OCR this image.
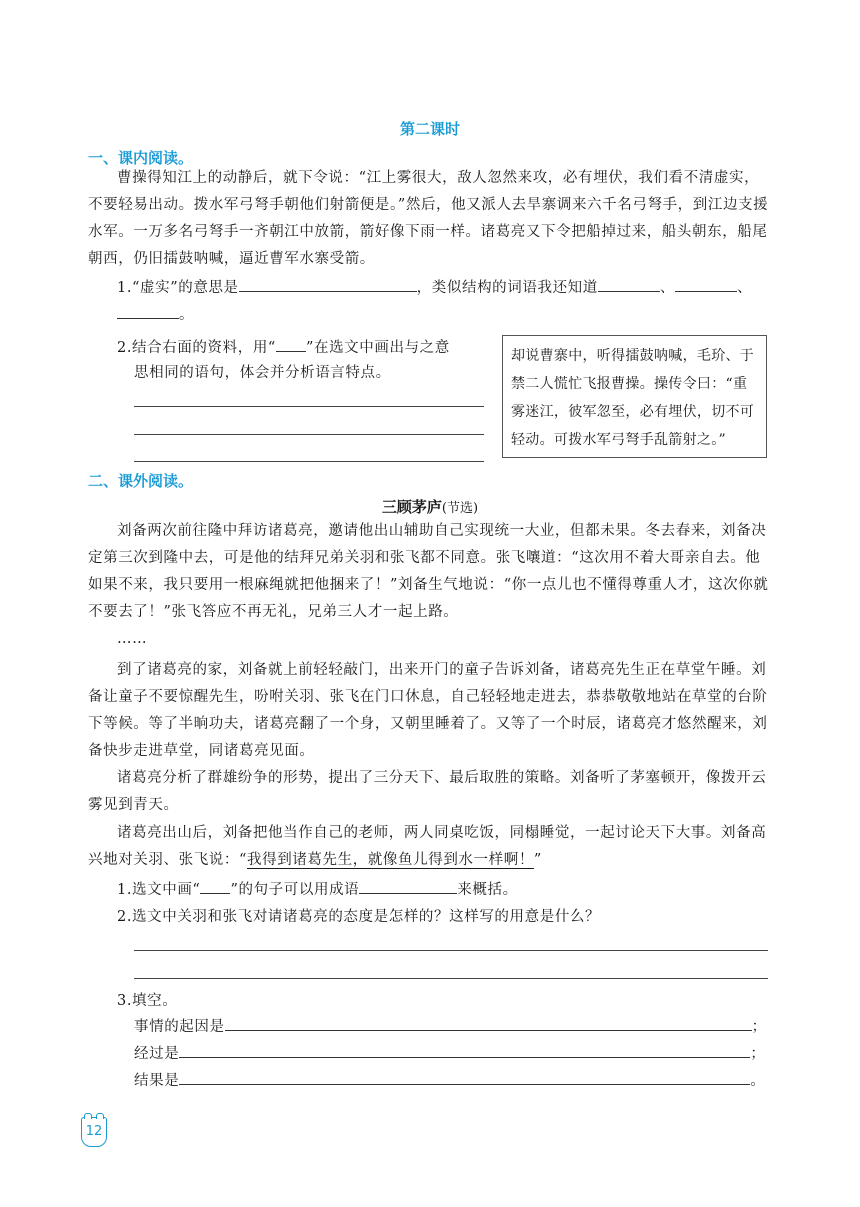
第二课时
一、课内阅读。

曹操得知江上的动静后，就下令说：“江上雾很大，敌人忽然来攻，必有埋伏，我们看不清虚实，不要轻易出动。拨水军弓弩手朝他们射箭便是。”然后，他又派人去旱寨调来六千名弓弩手，到江边支援水军。一万多名弓弩手一齐朝江中放箭，箭好像下雨一样。诸葛亮又下令把船掉过来，船头朝东，船尾朝西，仍旧擂鼓呐喊，逼近曹军水寨受箭。

1.“虚实”的意思是	，类似结构的词语我还知道	、	、
。
2.结合右面的资料，用“ ”在选文中画出与之意
思相同的语句，体会并分析语言特点。

却说曹寨中，听得擂鼓呐喊，毛玠、于禁二人慌忙飞报曹操。操传令曰：“重雾迷江，彼军忽至，必有埋伏，切不可轻动。可拨水军弓弩手乱箭射之。”

二、课外阅读。
三顾茅庐(节选)

刘备两次前往隆中拜访诸葛亮，邀请他出山辅助自己实现统一大业，但都未果。冬去春来，刘备决定第三次到隆中去，可是他的结拜兄弟关羽和张飞都不同意。张飞嚷道：“这次用不着大哥亲自去。他如果不来，我只要用一根麻绳就把他捆来了！”刘备生气地说：“你一点儿也不懂得尊重人才，这次你就不要去了！”张飞答应不再无礼，兄弟三人才一起上路。

……

到了诸葛亮的家，刘备就上前轻轻敲门，出来开门的童子告诉刘备，诸葛亮先生正在草堂午睡。刘备让童子不要惊醒先生，吩咐关羽、张飞在门口休息，自己轻轻地走进去，恭恭敬敬地站在草堂的台阶下等候。等了半晌功夫，诸葛亮翻了一个身，又朝里睡着了。又等了一个时辰，诸葛亮才悠然醒来，刘备快步走进草堂，同诸葛亮见面。

诸葛亮分析了群雄纷争的形势，提出了三分天下、最后取胜的策略。刘备听了茅塞顿开，像拨开云雾见到青天。

诸葛亮出山后，刘备把他当作自己的老师，两人同桌吃饭，同榻睡觉，一起讨论天下大事。刘备高兴地对关羽、张飞说：“我得到诸葛先生，就像鱼儿得到水一样啊！”

1.选文中画“ ”的句子可以用成语	来概括。
2.选文中关羽和张飞对请诸葛亮的态度是怎样的？这样写的用意是什么？
3.填空。
事情的起因是	；
经过是	；
结果是	。
12
